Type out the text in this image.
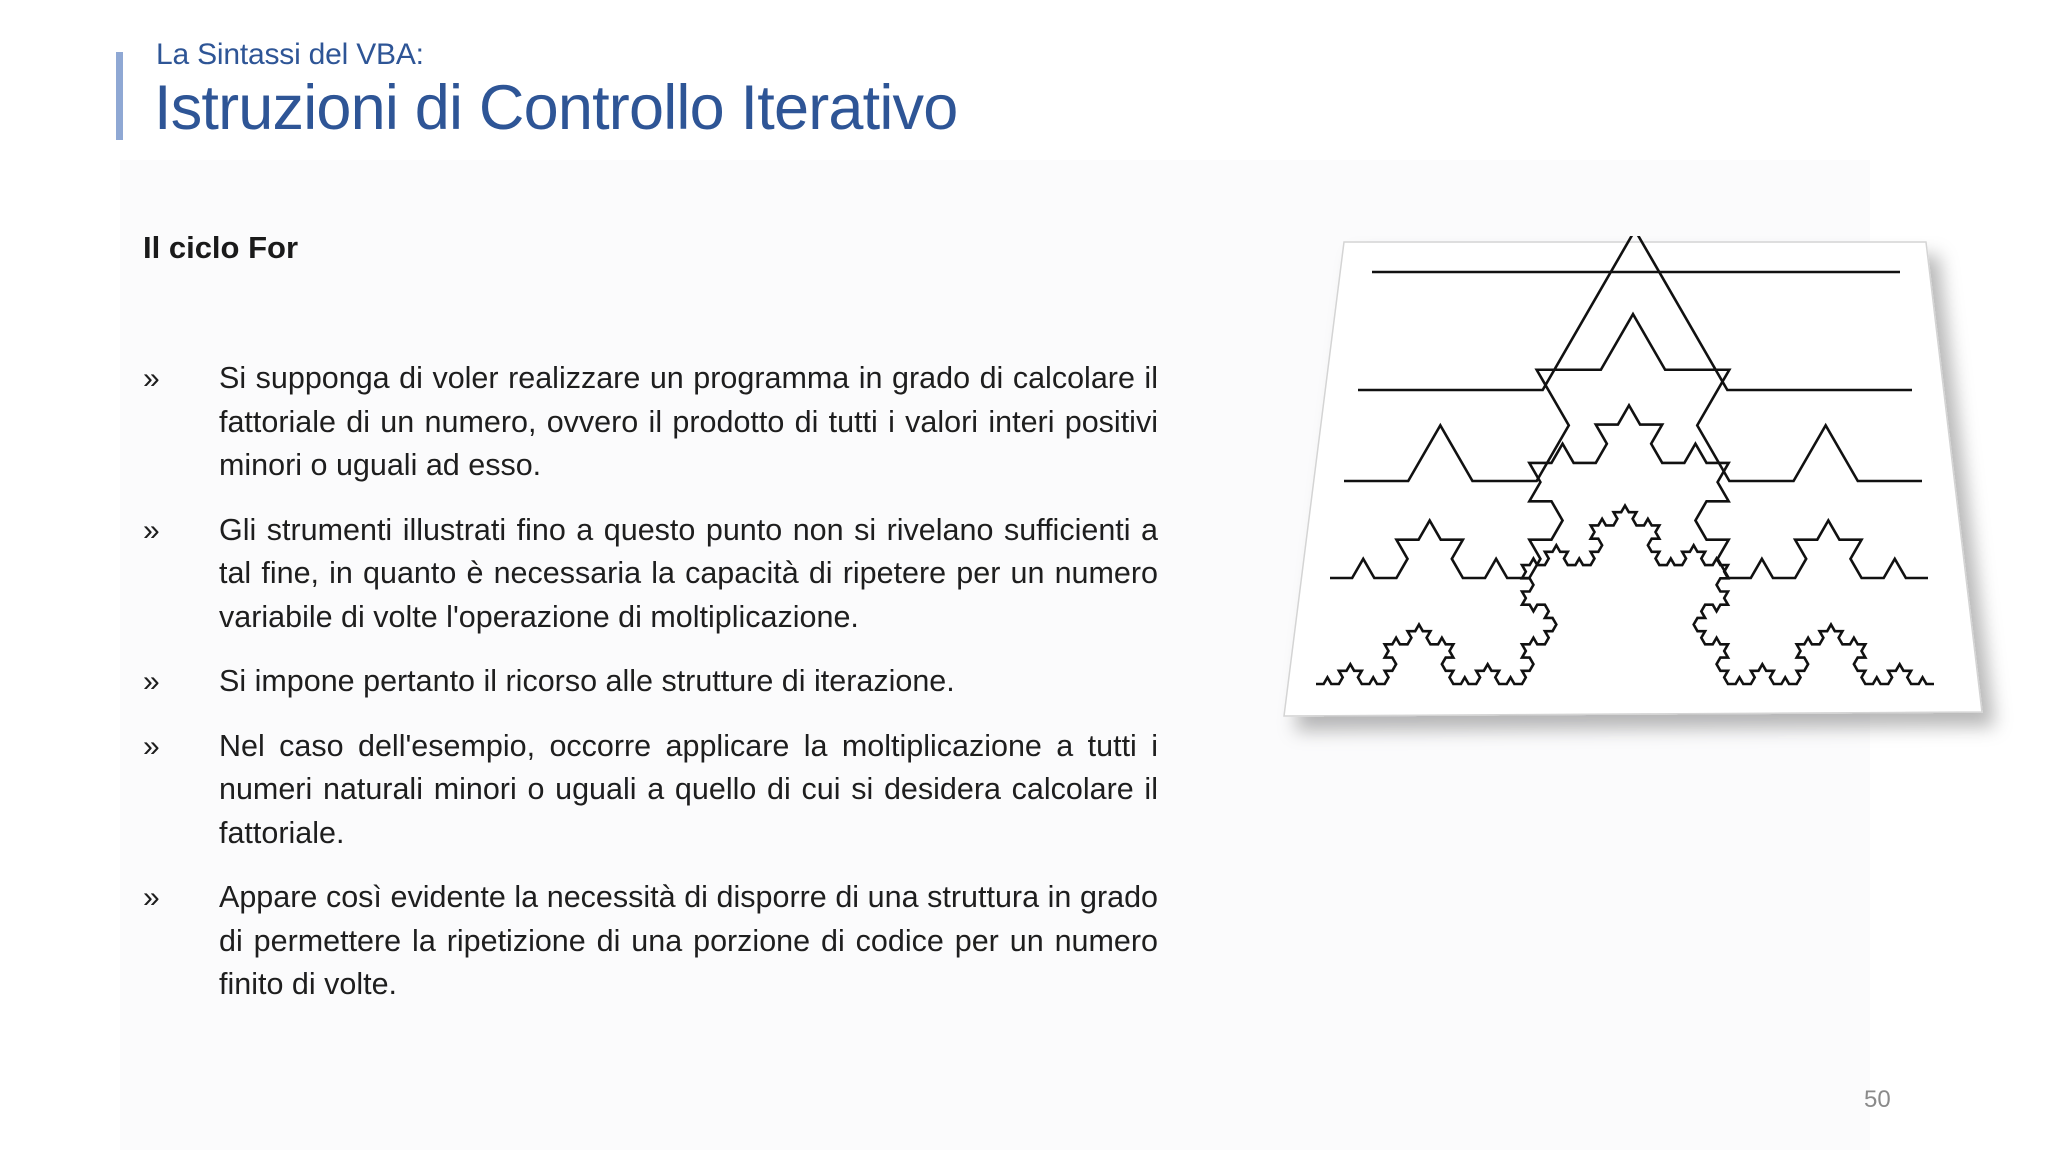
La Sintassi del VBA:
Istruzioni di Controllo Iterativo
Il ciclo For
» Si supponga di voler realizzare un programma in grado di calcolare il fattoriale di un numero, ovvero il prodotto di tutti i valori interi positivi minori o uguali ad esso.
» Gli strumenti illustrati fino a questo punto non si rivelano sufficienti a tal fine, in quanto è necessaria la capacità di ripetere per un numero variabile di volte l'operazione di moltiplicazione.
» Si impone pertanto il ricorso alle strutture di iterazione.
» Nel caso dell'esempio, occorre applicare la moltiplicazione a tutti i numeri naturali minori o uguali a quello di cui si desidera calcolare il fattoriale.
» Appare così evidente la necessità di disporre di una struttura in grado di permettere la ripetizione di una porzione di codice per un numero finito di volte.
50
